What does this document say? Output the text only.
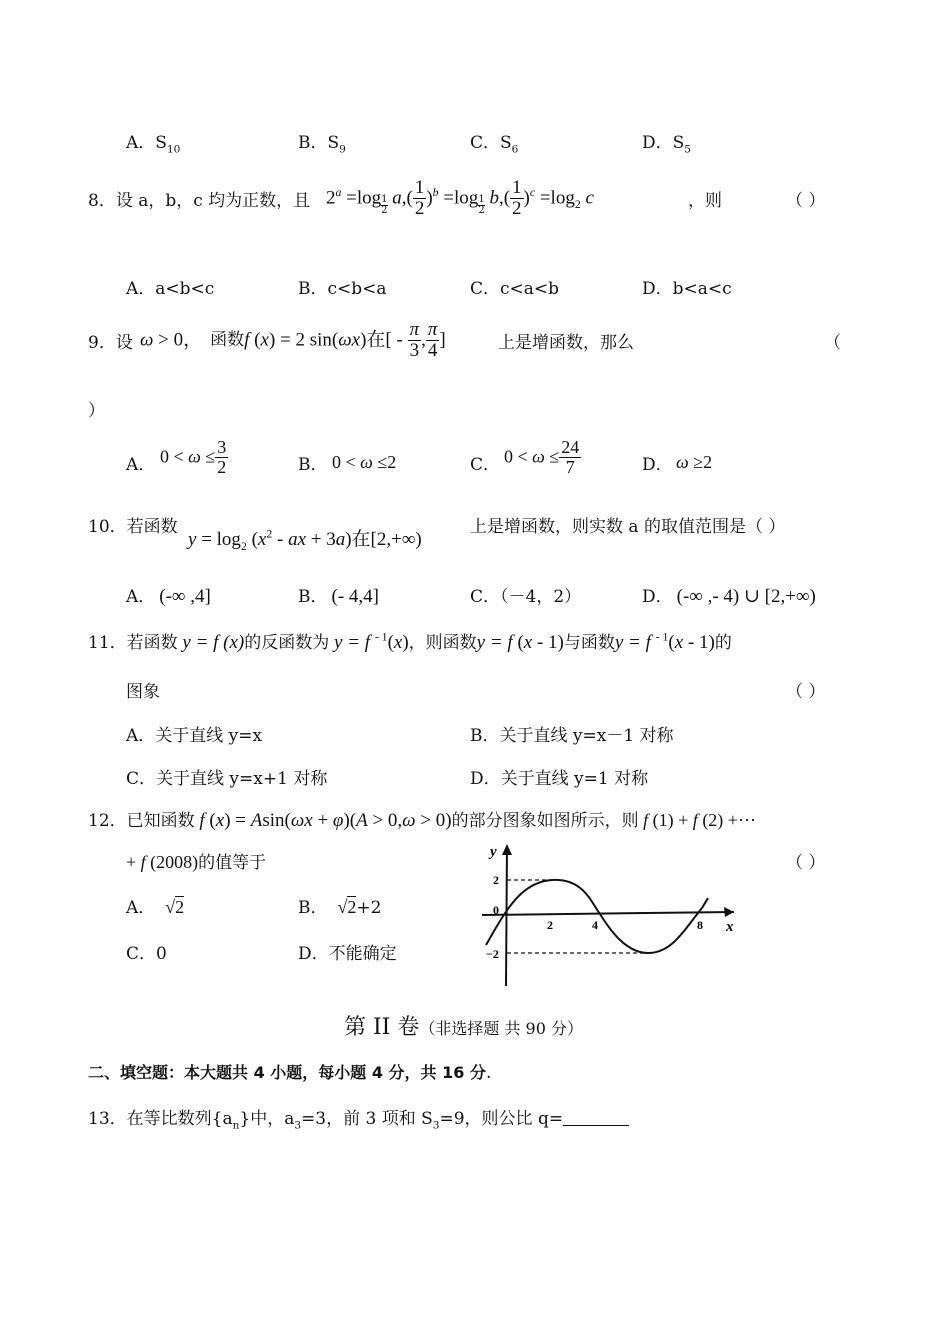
A．$S_{10}$	B．$S_9$	C．$S_6$	D．$S_5$
8．设 a，b，c 均为正数，且 $2^a =\log \frac{1}{2} a,( \frac{1}{2} )^b =\log \frac{1}{2} b,( \frac{1}{2} )^c =\log_2$ c	，则	（ ）
A．a<b<c	B．c<b<a	C．c<a<b	D．b<a<c
9．设 ω > 0， 函数f (x) = 2 sin(ωx)在[ - $\frac{\pi}{3}$ , $\frac{\pi}{4}$ ]	上是增函数，那么	（
）
A． $0 < \omega \le \frac{3}{2}$	B． 0 < ω ≤2	C． $0 < \omega \le \frac{24}{7}$	D． ω ≥2
10．若函数
$y = \log_2 (x^2$ - ax + 3a)在[2,+∞)
上是增函数，则实数 a 的取值范围是（ ）
A． (-∞ ,4]	B． (- 4,4]	C．（－4，2）	D． (-∞ ,- 4) ∪ [2,+∞)
11．若函数 y = f (x)的反函数为 y = f $^{- 1}$(x)，则函数y = f (x - 1)与函数y = f $^{- 1}$(x - 1)的
图象	（ ）
A．关于直线 y=x	B．关于直线 y=x－1 对称
C．关于直线 y=x+1 对称	D．关于直线 y=1 对称
12．已知函数 f (x) = Asin(ωx + φ)(A > 0,ω > 0)的部分图象如图所示，则 f (1) + f (2) +⋯
+ f (2008)的值等于	（ ）
A． √2	B． √2+2
C．0	D．不能确定
y
x
2
0
−2
2	4	8
第 II 卷（非选择题 共 90 分）
二、填空题：本大题共 4 小题，每小题 4 分，共 16 分.
13．在等比数列$\{a_n\}$中，$a_3=3$，前 3 项和 $S_3=9$，则公比 q=
